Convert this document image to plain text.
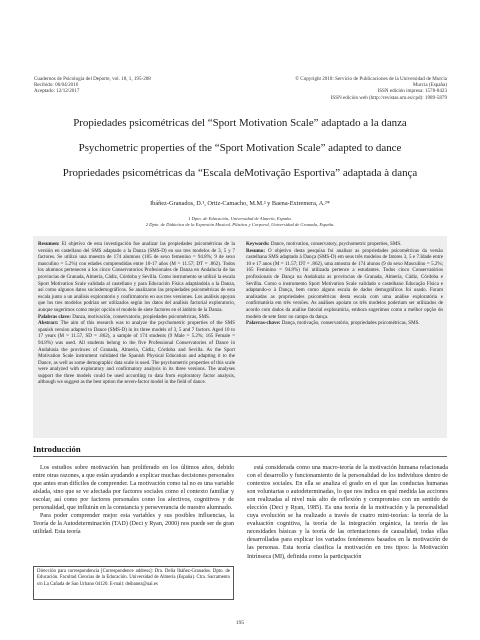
Cuadernos de Psicología del Deporte, vol. 18, 1, 195-208
Recibido: 06/04/2016
Aceptado: 12/12/2017
© Copyright 2018: Servicio de Publicaciones de la Universidad de Murcia
Murcia (España)
ISSN edición impresa: 1578-8423
ISSN edición web (http://revistas.um.es/cpd): 1989-5879
Propiedades psicométricas del “Sport Motivation Scale” adaptado a la danza
Psychometric properties of the “Sport Motivation Scale” adapted to dance
Propriedades psicométricas da “Escala deMotivação Esportiva” adaptada à dança
Ibáñez-Granados, D.¹, Ortiz-Camacho, M.M.² y Baena-Extremera, A.²*
1 Dpto. de Educación, Universidad de Almería, España.
2 Dpto. de Didáctica de la Expresión Musical, Plástica y Corporal, Universidad de Granada, España.

Resumen: El objetivo de esta investigación fue analizar las propiedades psicométricas de la versión en castellano del SMS adaptado a la Danza (SMS-D) en sus tres modelos de 3, 5 y 7 factores. Se utilizó una muestra de 174 alumnos (185 de sexo femenino = 94.8%; 9 de sexo masculino = 5.2%) con edades comprendidas entre 10-17 años (M = 11.57; DT = .862). Todos los alumnos pertenecen a los cinco Conservatorios Profesionales de Danza en Andalucía de las provincias de Granada, Almería, Cádiz, Córdoba y Sevilla. Como instrumento se utilizó la escala Sport Motivation Scale validada al castellano y para Educación Física adaptándola a la Danza, así como algunos datos sociodemográficos. Se analizaron las propiedades psicométricas de esta escala junto a un análisis exploratorio y confirmatorio en sus tres versiones. Los análisis apoyan que los tres modelos podrían ser utilizados según los datos del análisis factorial exploratorio, aunque sugerimos como mejor opción el modelo de siete factores en el ámbito de la Danza.

Palabras clave: Danza, motivación, conservatorio, propiedades psicométricas, SMS.

Abstract: The aim of this research was to analyze the psychometric properties of the SMS spanish version adapted to Dance (SMS-D) in its three models of 3, 5 and 7 factors. Aged 10 to 17 years (M = 11.57, SD = .862), a sample of 174 students (9 Male = 5.2%; 165 Female = 94.8%) was used. All students belong to the five Professional Conservatories of Dance in Andalusia the provinces of Granada, Almeria, Cádiz, Córdoba and Sevilla. As the Sport Motivation Scale instrument validated the Spanish Physical Education and adapting it to the Dance, as well as some demographic data scale is used. The psychometric properties of this scale were analyzed with exploratory and confirmatory analysis in its three versions. The analyses support the three models could be used according to data from exploratory factor analysis, although we suggest as the best option the seven-factor model in the field of dance.

Keywords: Dance, motivation, conservatory, psychometric properties, SMS.

Resumo: O objetivo desta pesquisa foi analisar as propriedades psicométricas da versão castelhana SMS adaptado à Dança (SMS-D) em seus três modelos de fatores 3, 5 e 7.Idade entre 10 e 17 anos (M = 11.57; DT = .862), uma amostra de 174 alunos (9 do sexo Masculino = 5.2%; 165 Feminino = 94.8%) foi utilizada pertence a estudantes. Todos cinco Conservatórios profissionais de Dança na Andaluzia as províncias de Granada, Almería, Cádiz, Córdoba e Sevilha. Como o instrumento Sport Motivation Scale validado o castelhano Educação Física e adaptando-o à Dança, bem como alguns escala de dados demográficos foi usado. Foram analisadas as propriedades psicométricas desta escala com uma análise exploratória e confirmatória em três versões. As análises apoiam os três modelos poderiam ser utilizados de acordo com dados da análise fatorial exploratória, embora sugerimos como a melhor opção do modelo de sete fator no campo da dança.

Palavras-chave: Dança, motivação, conservatório, propriedades psicométricas, SMS.

Introducción

Los estudios sobre motivación han proliferado en los últimos años, debido entre otras razones, a que están ayudando a explicar muchas decisiones personales que antes eran difíciles de comprender. La motivación como tal no es una variable aislada, sino que se ve afectada por factores sociales como el contexto familiar y escolar, así como por factores personales como los afectivos, cognitivos y de personalidad, que influirán en la constancia y perseverancia de nuestro alumnado.

Para poder comprender mejor esta variables y sus posibles influencias, la Teoría de la Autodeterminación (TAD) (Deci y Ryan, 2000) nos puede ser de gran utilidad. Esta teoría

está considerada como una macro-teoría de la motivación humana relacionada con el desarrollo y funcionamiento de la personalidad de los individuos dentro de contextos sociales. En ella se analiza el grado en el que las conductas humanas son voluntarias o autodeterminadas, lo que nos indica en qué medida las acciones son realizadas al nivel más alto de reflexión y compromiso con un sentido de elección (Deci y Ryan, 1985). Es una teoría de la motivación y la personalidad cuya evolución se ha realizado a través de cuatro mini-teorías: la teoría de la evaluación cognitiva, la teoría de la integración orgánica, la teoría de las necesidades básicas y la teoría de las orientaciones de causalidad, todas ellas desarrolladas para explicar los variados fenómenos basados en la motivación de las personas. Esta teoría clasifica la motivación en tres tipos: la Motivación Intrínseca (MI), definida como la participación

Dirección para correspondencia [Correspondence address]: Dra. Delia Ibáñez-Granados. Dpto. de Educación. Facultad Ciencias de la Educación. Universidad de Almería (España). Ctra. Sacramento s/n La Cañada de San Urbano 04120. E-mail: deibanez@ual.es
195
